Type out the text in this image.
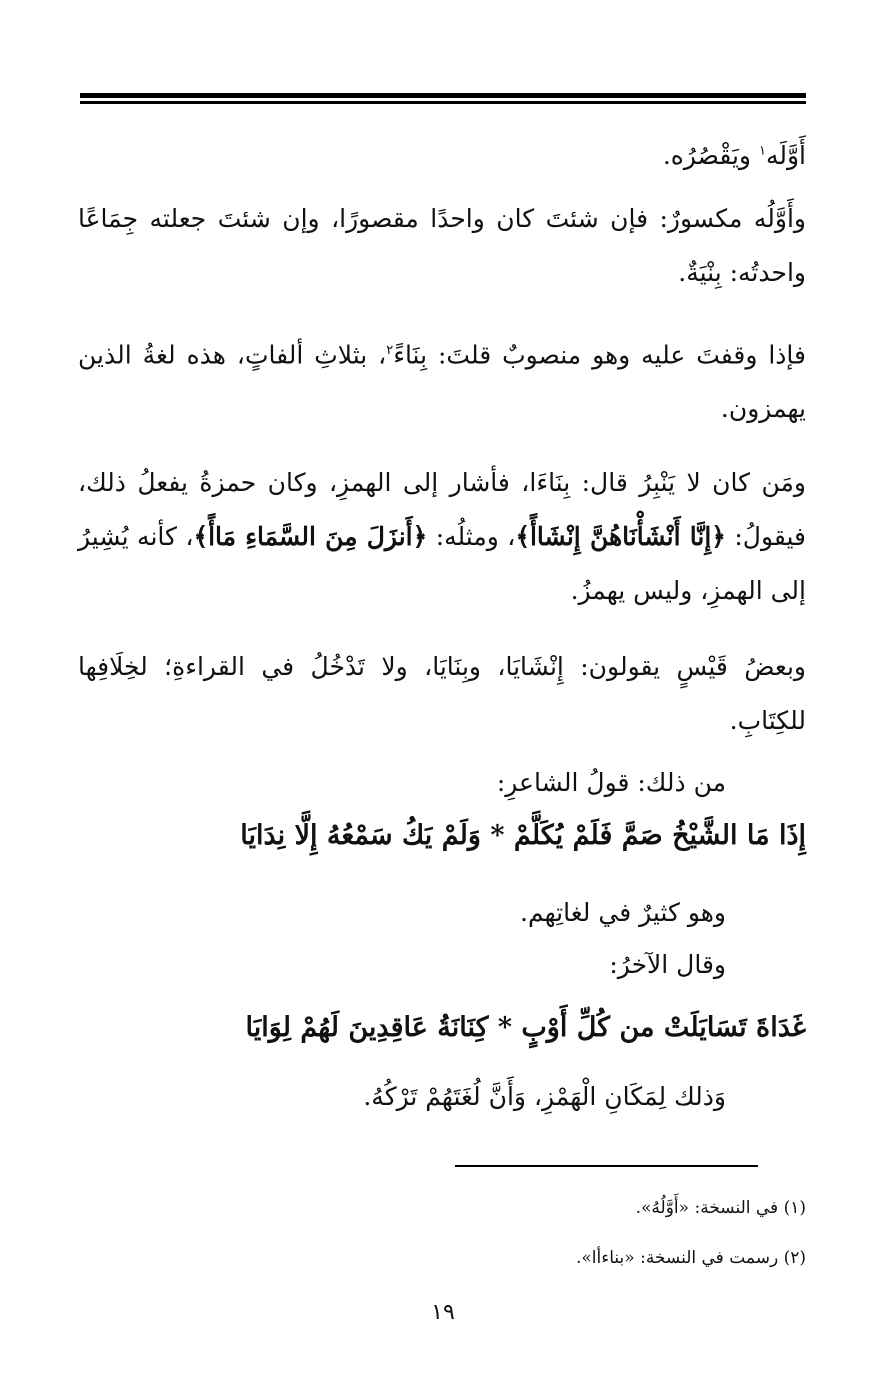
أَوَّلَه$^١$ ويَقْصُرُه.

وأَوَّلُه مكسورٌ: فإن شئتَ كان واحدًا مقصورًا، وإن شئتَ جعلته جِمَاعًا واحدتُه: بِنْيَةٌ.

فإذا وقفتَ عليه وهو منصوبٌ قلتَ: بِنَاءً$^٢$، بثلاثِ ألفاتٍ، هذه لغةُ الذين يهمزون.

ومَن كان لا يَنْبِرُ قال: بِنَاءَا، فأشار إلى الهمزِ، وكان حمزةُ يفعلُ ذلك، فيقولُ: ﴿إِنَّا أَنْشَأْنَاهُنَّ إِنْشَاأً﴾، ومثلُه: ﴿أَنزَلَ مِنَ السَّمَاءِ مَاأً﴾، كأنه يُشِيرُ إلى الهمزِ، وليس يهمزُ.

وبعضُ قَيْسٍ يقولون: إِنْشَايَا، وبِنَايَا، ولا تَدْخُلُ في القراءةِ؛ لخِلَافِها للكِتَابِ.

من ذلك: قولُ الشاعرِ:
إِذَا مَا الشَّيْخُ صَمَّ فَلَمْ يُكَلَّمْ * وَلَمْ يَكُ سَمْعُهُ إِلَّا نِدَايَا
وهو كثيرٌ في لغاتِهم.
وقال الآخرُ:
غَدَاةَ تَسَايَلَتْ من كُلِّ أَوْبٍ * كِنَانَةُ عَاقِدِينَ لَهُمْ لِوَايَا
وَذلك لِمَكَانِ الْهَمْزِ، وَأَنَّ لُغَتَهُمْ تَرْكُهُ.
(١) في النسخة: «أَوَّلُهُ».
(٢) رسمت في النسخة: «بناءأا».
١٩
